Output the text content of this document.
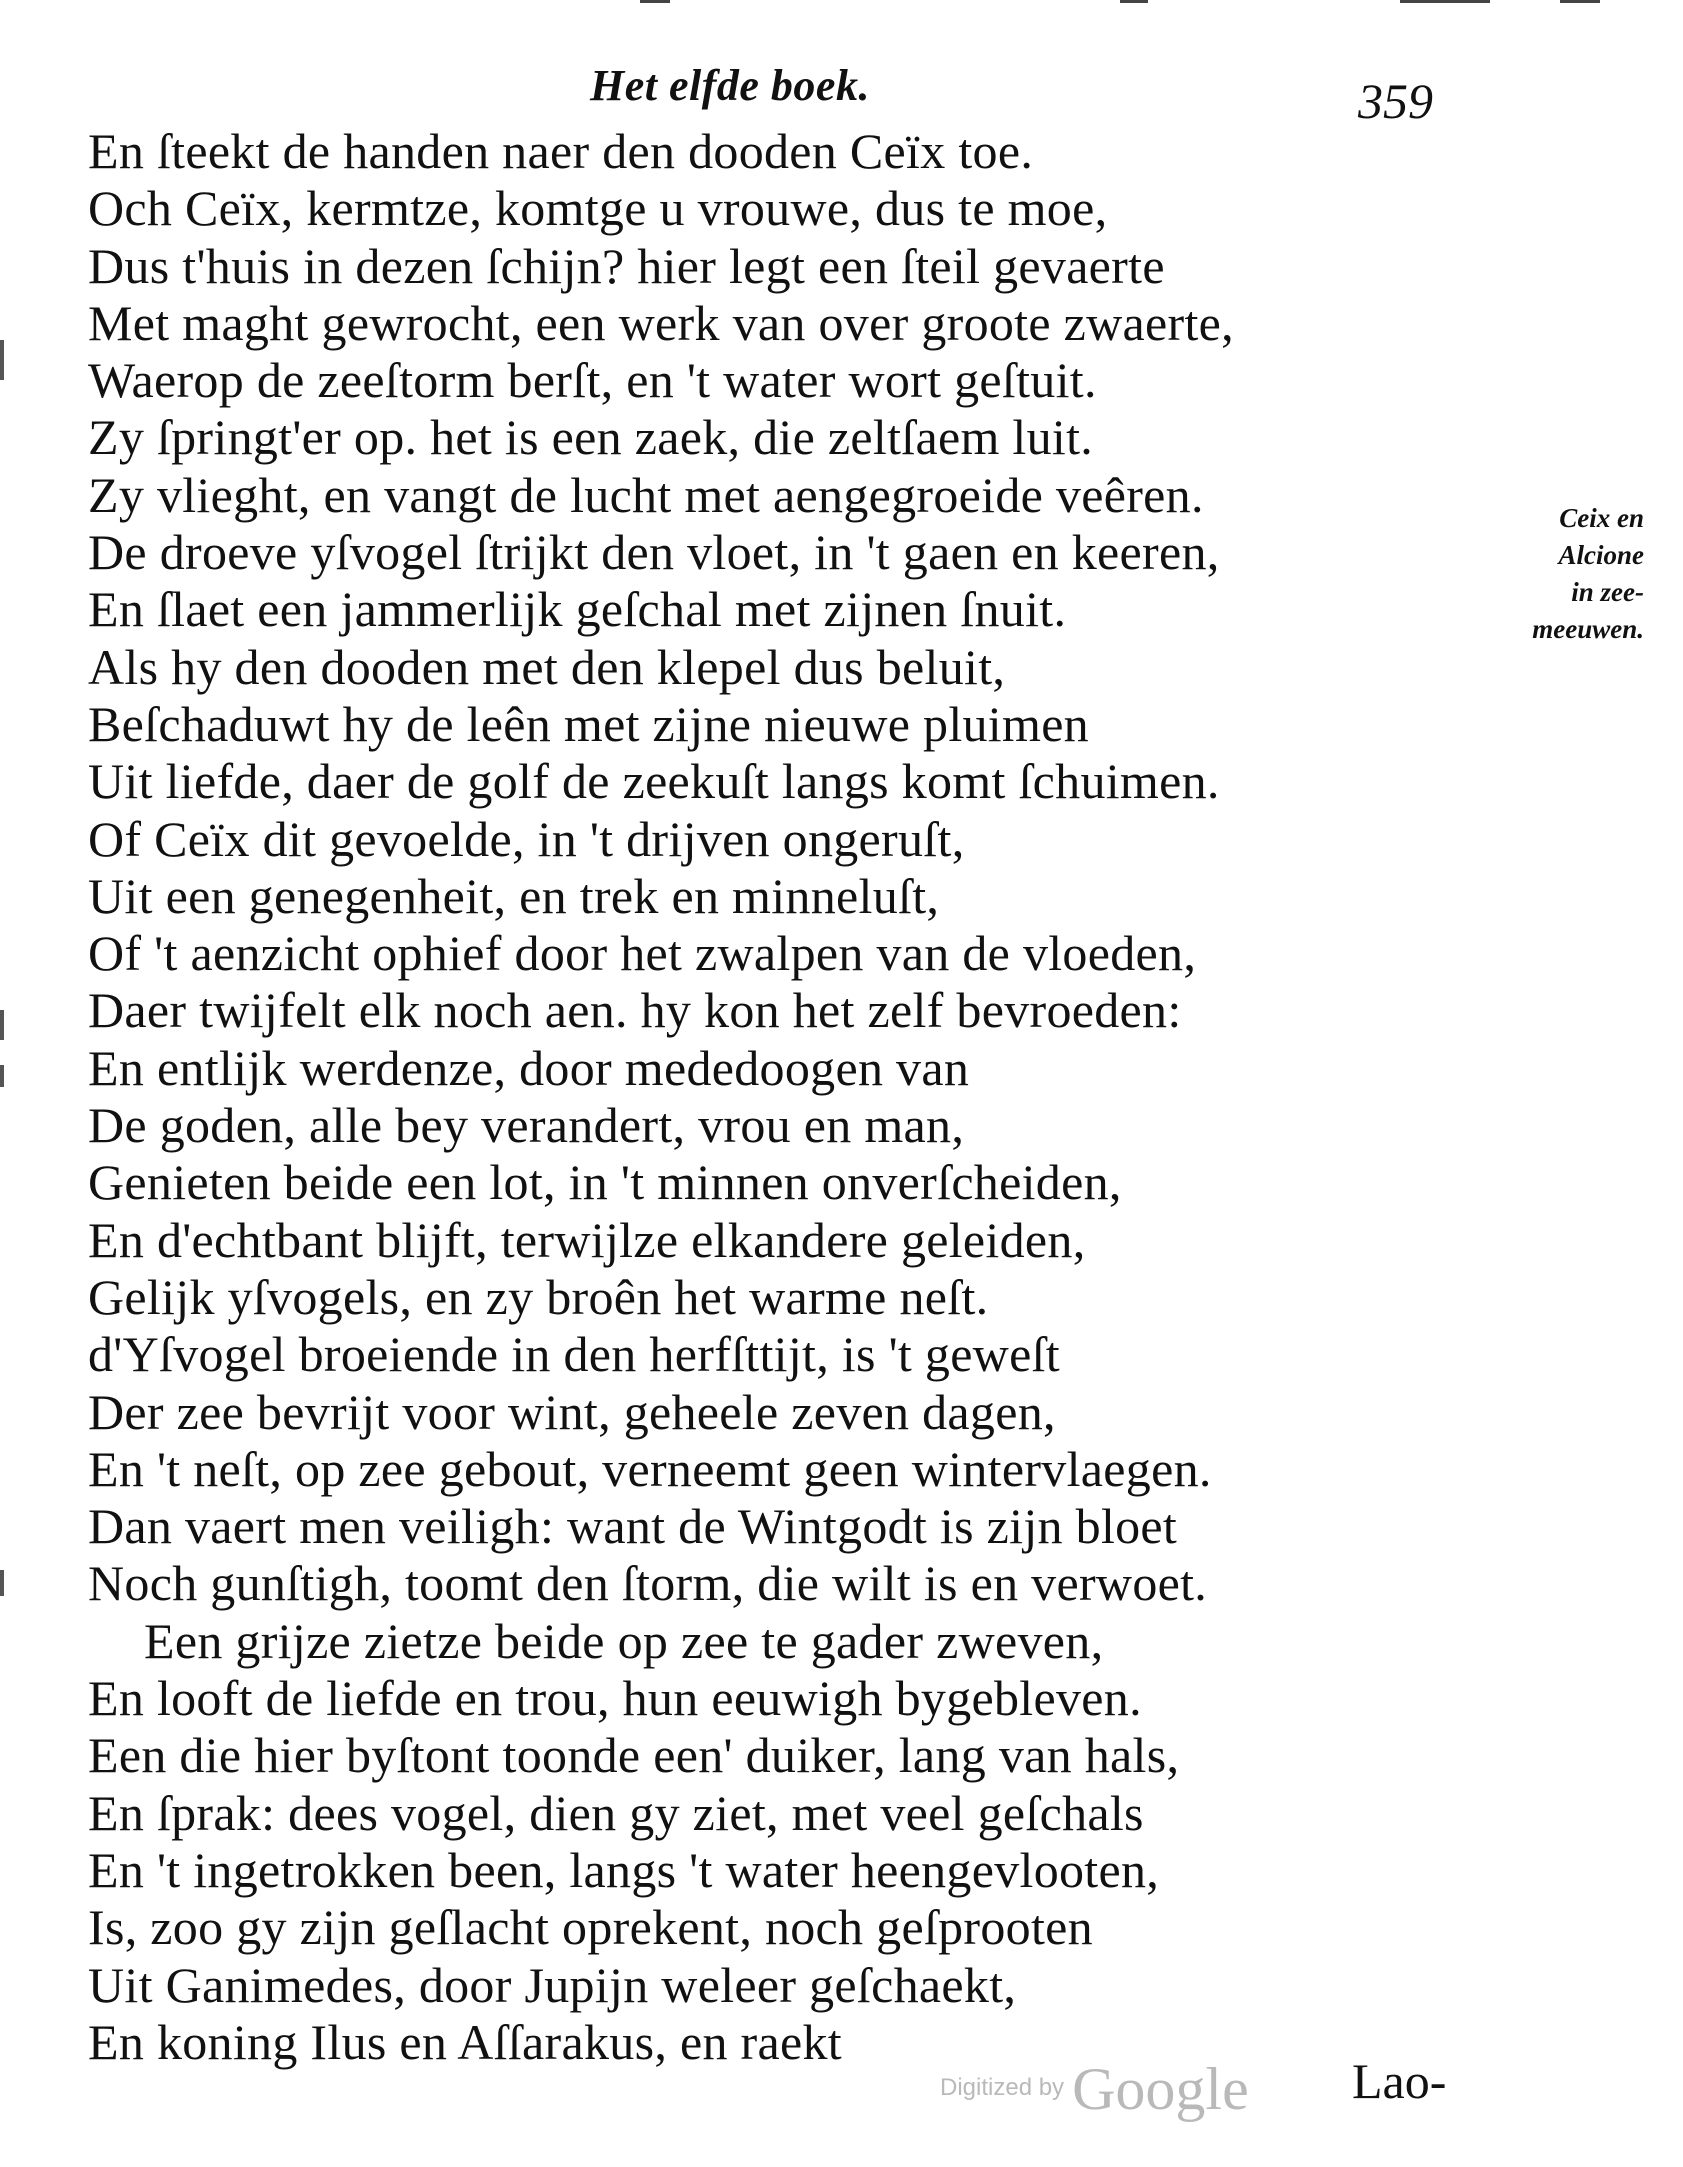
Het elfde boek.	359
En ſteekt de handen naer den dooden Ceïx toe.
Och Ceïx, kermtze, komtge u vrouwe, dus te moe,
Dus t'huis in dezen ſchijn? hier legt een ſteil gevaerte
Met maght gewrocht, een werk van over groote zwaerte,
Waerop de zeeſtorm berſt, en 't water wort geſtuit.
Zy ſpringt'er op. het is een zaek, die zeltſaem luit.
Zy vlieght, en vangt de lucht met aengegroeide veêren.
De droeve yſvogel ſtrijkt den vloet, in 't gaen en keeren,
En ſlaet een jammerlijk geſchal met zijnen ſnuit.
Als hy den dooden met den klepel dus beluit,
Beſchaduwt hy de leên met zijne nieuwe pluimen
Uit liefde, daer de golf de zeekuſt langs komt ſchuimen.
Of Ceïx dit gevoelde, in 't drijven ongeruſt,
Uit een genegenheit, en trek en minneluſt,
Of 't aenzicht ophief door het zwalpen van de vloeden,
Daer twijfelt elk noch aen. hy kon het zelf bevroeden:
En entlijk werdenze, door mededoogen van
De goden, alle bey verandert, vrou en man,
Genieten beide een lot, in 't minnen onverſcheiden,
En d'echtbant blijft, terwijlze elkandere geleiden,
Gelijk yſvogels, en zy broên het warme neſt.
d'Yſvogel broeiende in den herfſttijt, is 't geweſt
Der zee bevrijt voor wint, geheele zeven dagen,
En 't neſt, op zee gebout, verneemt geen wintervlaegen.
Dan vaert men veiligh: want de Wintgodt is zijn bloet
Noch gunſtigh, toomt den ſtorm, die wilt is en verwoet.
Een grijze zietze beide op zee te gader zweven,
En looft de liefde en trou, hun eeuwigh bygebleven.
Een die hier byſtont toonde een' duiker, lang van hals,
En ſprak: dees vogel, dien gy ziet, met veel geſchals
En 't ingetrokken been, langs 't water heengevlooten,
Is, zoo gy zijn geſlacht oprekent, noch geſprooten
Uit Ganimedes, door Jupijn weleer geſchaekt,
En koning Ilus en Aſſarakus, en raekt
Ceix en
Alcione
in zee-
meeuwen.
Digitized by Google Lao-
